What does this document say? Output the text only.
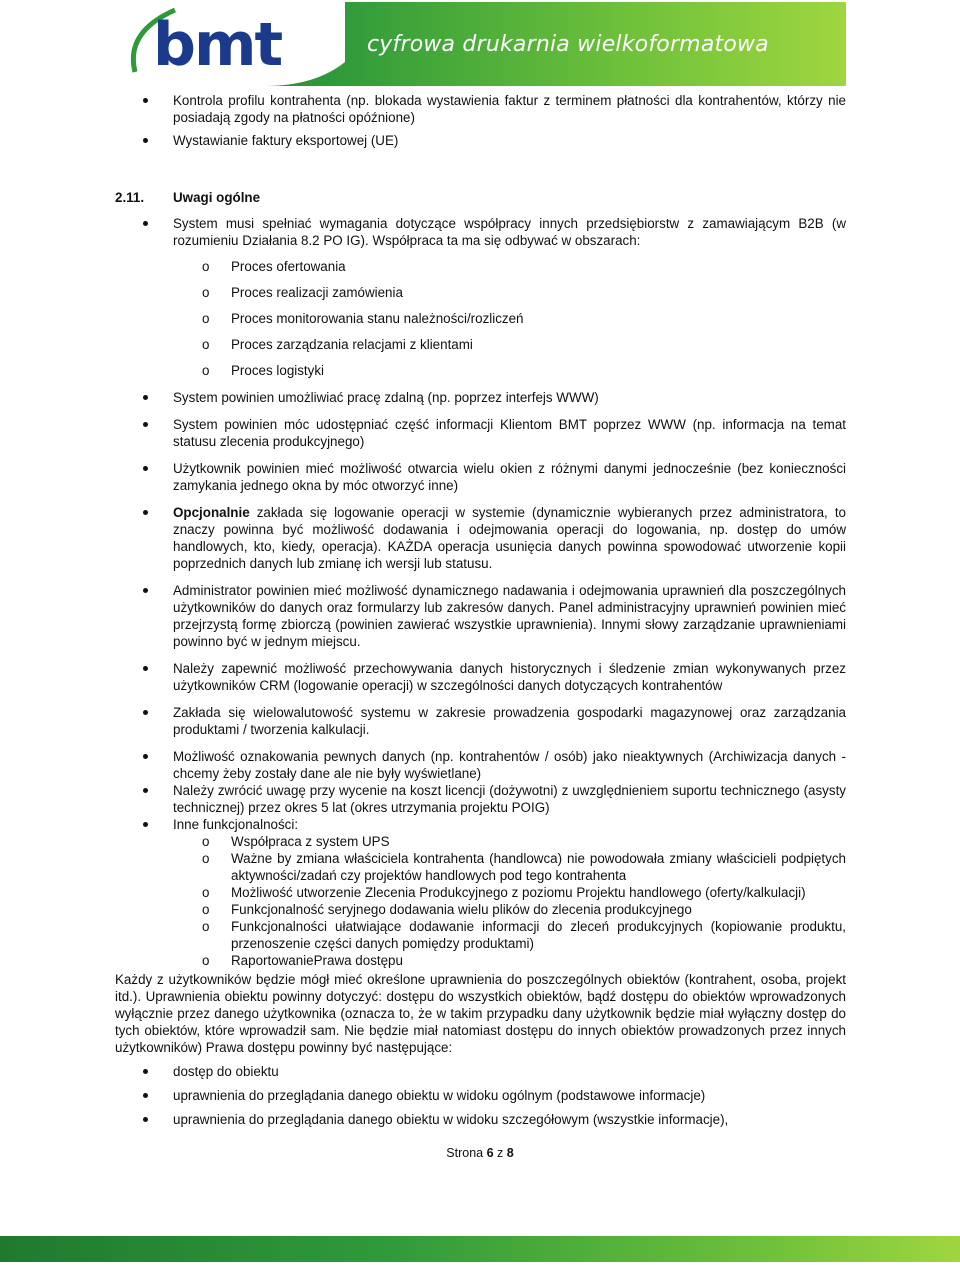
bmt	cyfrowa drukarnia wielkoformatowa
Kontrola profilu kontrahenta (np. blokada wystawienia faktur z terminem płatności dla kontrahentów, którzy nie posiadają zgody na płatności opóźnione)
Wystawianie faktury eksportowej (UE)
2.11. Uwagi ogólne
System musi spełniać wymagania dotyczące współpracy innych przedsiębiorstw z zamawiającym B2B (w rozumieniu Działania 8.2 PO IG). Współpraca ta ma się odbywać w obszarach:
o Proces ofertowania
o Proces realizacji zamówienia
o Proces monitorowania stanu należności/rozliczeń
o Proces zarządzania relacjami z klientami
o Proces logistyki
System powinien umożliwiać pracę zdalną (np. poprzez interfejs WWW)
System powinien móc udostępniać część informacji Klientom BMT poprzez WWW (np. informacja na temat statusu zlecenia produkcyjnego)
Użytkownik powinien mieć możliwość otwarcia wielu okien z różnymi danymi jednocześnie (bez konieczności zamykania jednego okna by móc otworzyć inne)
Opcjonalnie zakłada się logowanie operacji w systemie (dynamicznie wybieranych przez administratora, to znaczy powinna być możliwość dodawania i odejmowania operacji do logowania, np. dostęp do umów handlowych, kto, kiedy, operacja). KAŻDA operacja usunięcia danych powinna spowodować utworzenie kopii poprzednich danych lub zmianę ich wersji lub statusu.
Administrator powinien mieć możliwość dynamicznego nadawania i odejmowania uprawnień dla poszczególnych użytkowników do danych oraz formularzy lub zakresów danych. Panel administracyjny uprawnień powinien mieć przejrzystą formę zbiorczą (powinien zawierać wszystkie uprawnienia). Innymi słowy zarządzanie uprawnieniami powinno być w jednym miejscu.
Należy zapewnić możliwość przechowywania danych historycznych i śledzenie zmian wykonywanych przez użytkowników CRM (logowanie operacji) w szczególności danych dotyczących kontrahentów
Zakłada się wielowalutowość systemu w zakresie prowadzenia gospodarki magazynowej oraz zarządzania produktami / tworzenia kalkulacji.
Możliwość oznakowania pewnych danych (np. kontrahentów / osób) jako nieaktywnych (Archiwizacja danych - chcemy żeby zostały dane ale nie były wyświetlane)
Należy zwrócić uwagę przy wycenie na koszt licencji (dożywotni) z uwzględnieniem suportu technicznego (asysty technicznej) przez okres 5 lat (okres utrzymania projektu POIG)
Inne funkcjonalności:
o Współpraca z system UPS
o Ważne by zmiana właściciela kontrahenta (handlowca) nie powodowała zmiany właścicieli podpiętych aktywności/zadań czy projektów handlowych pod tego kontrahenta
o Możliwość utworzenie Zlecenia Produkcyjnego z poziomu Projektu handlowego (oferty/kalkulacji)
o Funkcjonalność seryjnego dodawania wielu plików do zlecenia produkcyjnego
o Funkcjonalności ułatwiające dodawanie informacji do zleceń produkcyjnych (kopiowanie produktu, przenoszenie części danych pomiędzy produktami)
o RaportowaniePrawa dostępu
Każdy z użytkowników będzie mógł mieć określone uprawnienia do poszczególnych obiektów (kontrahent, osoba, projekt itd.). Uprawnienia obiektu powinny dotyczyć: dostępu do wszystkich obiektów, bądź dostępu do obiektów wprowadzonych wyłącznie przez danego użytkownika (oznacza to, że w takim przypadku dany użytkownik będzie miał wyłączny dostęp do tych obiektów, które wprowadził sam. Nie będzie miał natomiast dostępu do innych obiektów prowadzonych przez innych użytkowników) Prawa dostępu powinny być następujące:
dostęp do obiektu
uprawnienia do przeglądania danego obiektu w widoku ogólnym (podstawowe informacje)
uprawnienia do przeglądania danego obiektu w widoku szczegółowym (wszystkie informacje),
Strona 6 z 8
